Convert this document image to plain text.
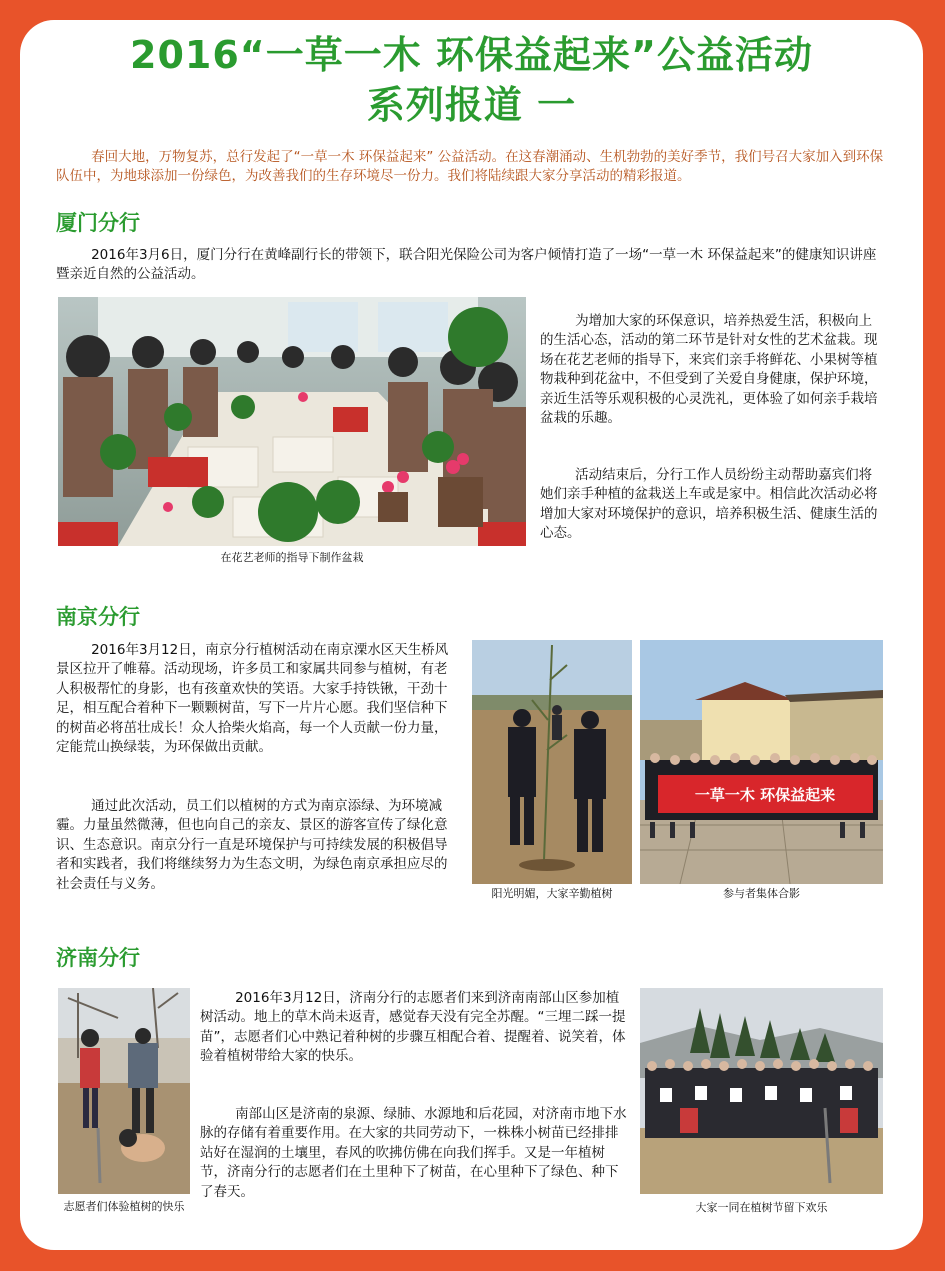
2016“一草一木 环保益起来”公益活动
系列报道 一

春回大地，万物复苏，总行发起了“一草一木 环保益起来” 公益活动。在这春潮涌动、生机勃勃的美好季节，我们号召大家加入到环保队伍中，为地球添加一份绿色，为改善我们的生存环境尽一份力。我们将陆续跟大家分享活动的精彩报道。

厦门分行

2016年3月6日，厦门分行在黄峰副行长的带领下，联合阳光保险公司为客户倾情打造了一场“一草一木 环保益起来”的健康知识讲座暨亲近自然的公益活动。

在花艺老师的指导下制作盆栽

为增加大家的环保意识，培养热爱生活，积极向上的生活心态，活动的第二环节是针对女性的艺术盆栽。现场在花艺老师的指导下，来宾们亲手将鲜花、小果树等植物栽种到花盆中，不但受到了关爱自身健康，保护环境，亲近生活等乐观积极的心灵洗礼，更体验了如何亲手栽培盆栽的乐趣。

活动结束后，分行工作人员纷纷主动帮助嘉宾们将她们亲手种植的盆栽送上车或是家中。相信此次活动必将增加大家对环境保护的意识，培养积极生活、健康生活的心态。

南京分行

2016年3月12日，南京分行植树活动在南京溧水区天生桥风景区拉开了帷幕。活动现场，许多员工和家属共同参与植树，有老人积极帮忙的身影，也有孩童欢快的笑语。大家手持铁锹，干劲十足，相互配合着种下一颗颗树苗，写下一片片心愿。我们坚信种下的树苗必将茁壮成长！众人拾柴火焰高，每一个人贡献一份力量，定能荒山换绿装，为环保做出贡献。

通过此次活动，员工们以植树的方式为南京添绿、为环境减霾。力量虽然微薄，但也向自己的亲友、景区的游客宣传了绿化意识、生态意识。南京分行一直是环境保护与可持续发展的积极倡导者和实践者，我们将继续努力为生态文明，为绿色南京承担应尽的社会责任与义务。

阳光明媚，大家辛勤植树
一草一木 环保益起来
参与者集体合影
济南分行
志愿者们体验植树的快乐

2016年3月12日，济南分行的志愿者们来到济南南部山区参加植树活动。地上的草木尚未返青，感觉春天没有完全苏醒。“三埋二踩一提苗”，志愿者们心中熟记着种树的步骤互相配合着、提醒着、说笑着，体验着植树带给大家的快乐。

南部山区是济南的泉源、绿肺、水源地和后花园，对济南市地下水脉的存储有着重要作用。在大家的共同劳动下，一株株小树苗已经排排站好在湿润的土壤里，春风的吹拂仿佛在向我们挥手。又是一年植树节，济南分行的志愿者们在土里种下了树苗，在心里种下了绿色、种下了春天。

大家一同在植树节留下欢乐
